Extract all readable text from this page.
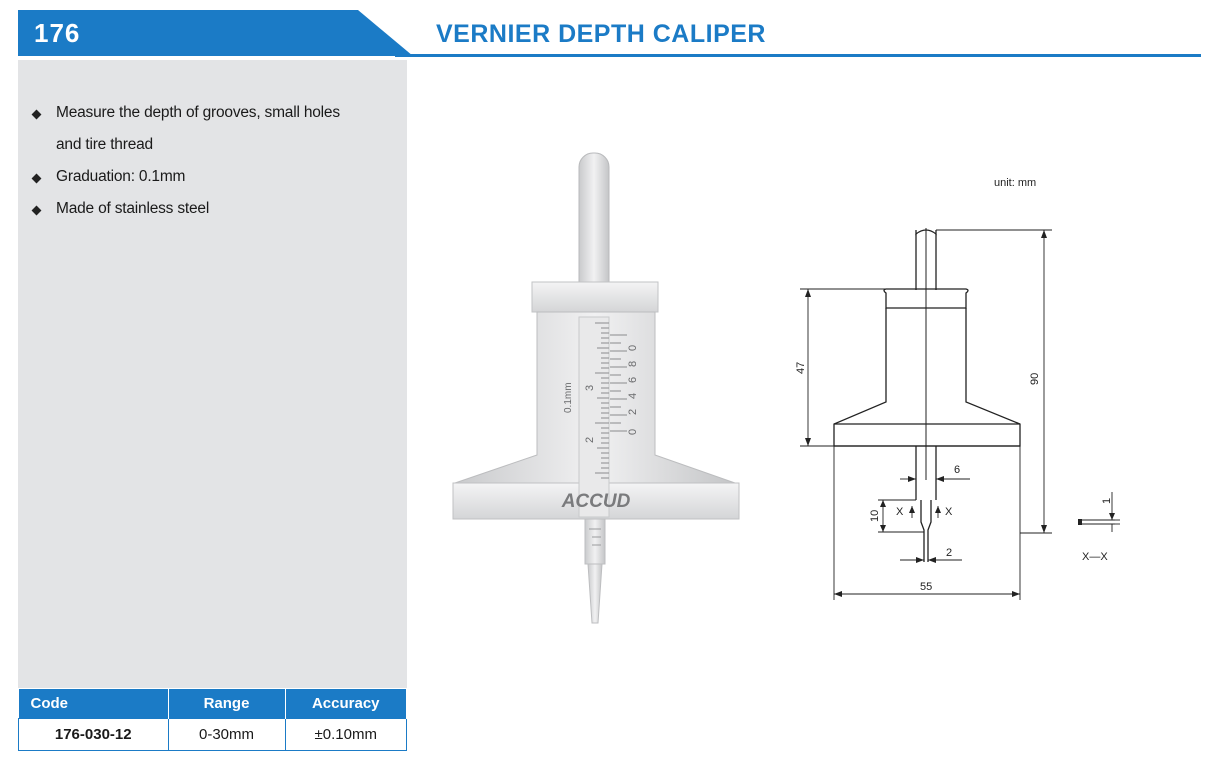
176	VERNIER DEPTH CALIPER
Measure the depth of grooves, small holes
and tire thread
Graduation: 0.1mm
Made of stainless steel
Code	Range	Accuracy
176-030-12	0-30mm	±0.10mm
0
2
4
6
8
0
2
3
0.1mm
ACCUD
unit: mm
90
47
55
6
2
10 X	X
1
X—X
